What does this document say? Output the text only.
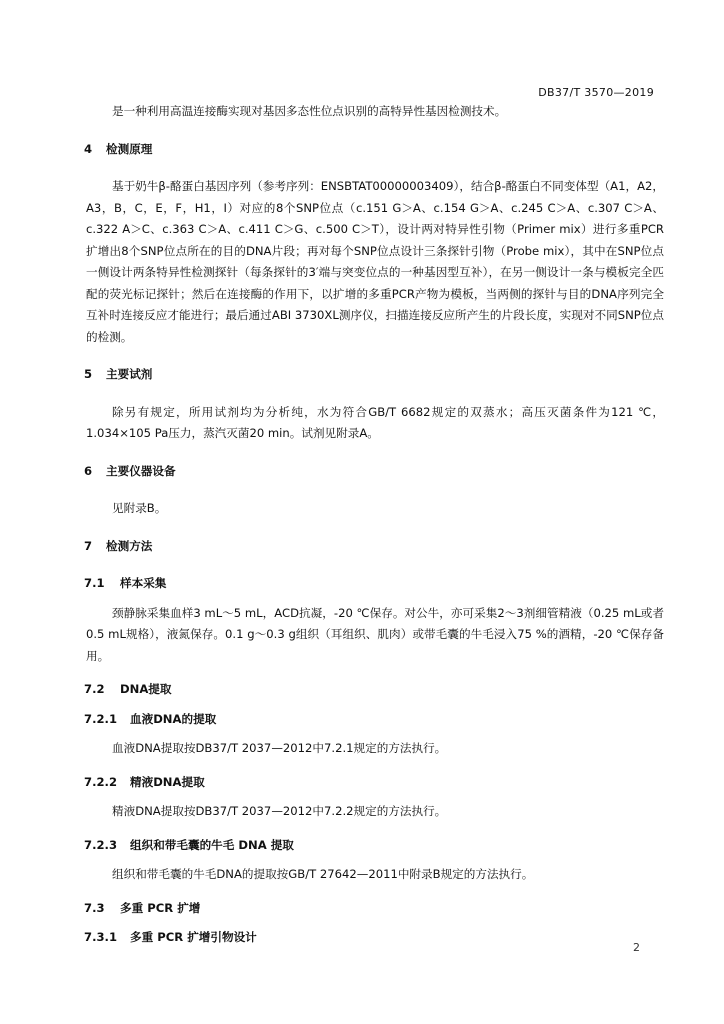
DB37/T 3570—2019

是一种利用高温连接酶实现对基因多态性位点识别的高特异性基因检测技术。

4 检测原理

基于奶牛β-酪蛋白基因序列（参考序列：ENSBTAT00000003409），结合β-酪蛋白不同变体型（A1，A2，A3，B，C，E，F，H1，I）对应的8个SNP位点（c.151 G＞A、c.154 G＞A、c.245 C＞A、c.307 C＞A、c.322 A＞C、c.363 C＞A、c.411 C＞G、c.500 C＞T），设计两对特异性引物（Primer mix）进行多重PCR扩增出8个SNP位点所在的目的DNA片段；再对每个SNP位点设计三条探针引物（Probe mix），其中在SNP位点一侧设计两条特异性检测探针（每条探针的3′端与突变位点的一种基因型互补），在另一侧设计一条与模板完全匹配的荧光标记探针；然后在连接酶的作用下，以扩增的多重PCR产物为模板，当两侧的探针与目的DNA序列完全互补时连接反应才能进行；最后通过ABI 3730XL测序仪，扫描连接反应所产生的片段长度，实现对不同SNP位点的检测。

5 主要试剂

除另有规定，所用试剂均为分析纯，水为符合GB/T 6682规定的双蒸水；高压灭菌条件为121 ℃，1.034×105 Pa压力，蒸汽灭菌20 min。试剂见附录A。

6 主要仪器设备

见附录B。

7 检测方法
7.1 样本采集

颈静脉采集血样3 mL～5 mL，ACD抗凝，-20 ℃保存。对公牛，亦可采集2～3剂细管精液（0.25 mL或者0.5 mL规格），液氮保存。0.1 g～0.3 g组织（耳组织、肌肉）或带毛囊的牛毛浸入75 %的酒精，-20 ℃保存备用。

7.2 DNA提取
7.2.1 血液DNA的提取

血液DNA提取按DB37/T 2037—2012中7.2.1规定的方法执行。

7.2.2 精液DNA提取

精液DNA提取按DB37/T 2037—2012中7.2.2规定的方法执行。

7.2.3 组织和带毛囊的牛毛 DNA 提取

组织和带毛囊的牛毛DNA的提取按GB/T 27642—2011中附录B规定的方法执行。

7.3 多重 PCR 扩增
7.3.1 多重 PCR 扩增引物设计
2
